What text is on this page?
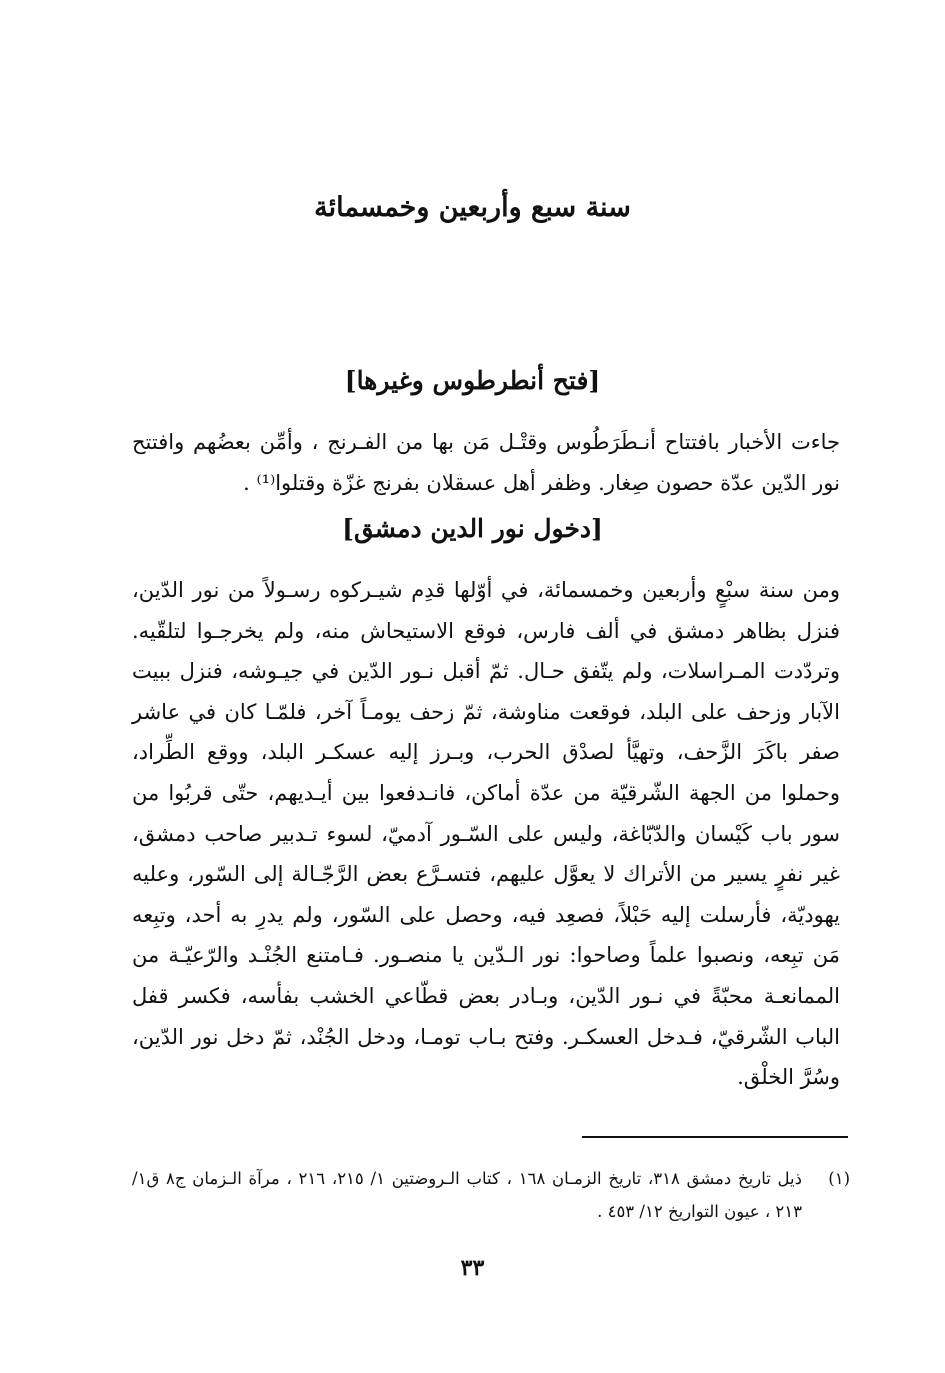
سنة سبع وأربعين وخمسمائة
[فتح أنطرطوس وغيرها]
جاءت الأخبار بافتتاح أنـطَرَطُوس وقتْـل مَن بها من الفـرنج ، وأمِّن بعضُهم وافتتح نور الدّين عدّة حصون صِغار. وظفر أهل عسقلان بفرنج غزّة وقتلوا⁽¹⁾ .
[دخول نور الدين دمشق]
ومن سنة سبْعٍ وأربعين وخمسمائة، في أوّلها قدِم شيـركوه رسـولاً من نور الدّين، فنزل بظاهر دمشق في ألف فارس، فوقع الاستيحاش منه، ولم يخرجـوا لتلقّيه. وتردّدت المـراسلات، ولم يتّفق حـال. ثمّ أقبل نـور الدّين في جيـوشه، فنزل ببيت الآبار وزحف على البلد، فوقعت مناوشة، ثمّ زحف يومـاً آخر، فلمّـا كان في عاشر صفر باكَرَ الزَّحف، وتهيَّأ لصدْق الحرب، وبـرز إليه عسكـر البلد، ووقع الطِّراد، وحملوا من الجهة الشّرقيّة من عدّة أماكن، فانـدفعوا بين أيـديهم، حتّى قربُوا من سور باب كَيْسان والدّبّاغة، وليس على السّـور آدميّ، لسوء تـدبير صاحب دمشق، غير نفرٍ يسير من الأتراك لا يعوَّل عليهم، فتسـرَّع بعض الرَّجّـالة إلى السّور، وعليه يهوديّة، فأرسلت إليه حَبْلاً، فصعِد فيه، وحصل على السّور، ولم يدرِ به أحد، وتبِعه مَن تبِعه، ونصبوا علماً وصاحوا: نور الـدّين يا منصـور. فـامتنع الجُنْـد والرّعيّـة من الممانعـة محبّةً في نـور الدّين، وبـادر بعض قطّاعي الخشب بفأسه، فكسر قفل الباب الشّرقيّ، فـدخل العسكـر. وفتح بـاب تومـا، ودخل الجُنْد، ثمّ دخل نور الدّين، وسُرَّ الخلْق.
(١)
ذيل تاريخ دمشق ٣١٨، تاريخ الزمـان ١٦٨ ، كتاب الـروضتين ١/ ٢١٥، ٢١٦ ، مرآة الـزمان ج٨ ق١/ ٢١٣ ، عيون التواريخ ١٢/ ٤٥٣ .
٣٣
